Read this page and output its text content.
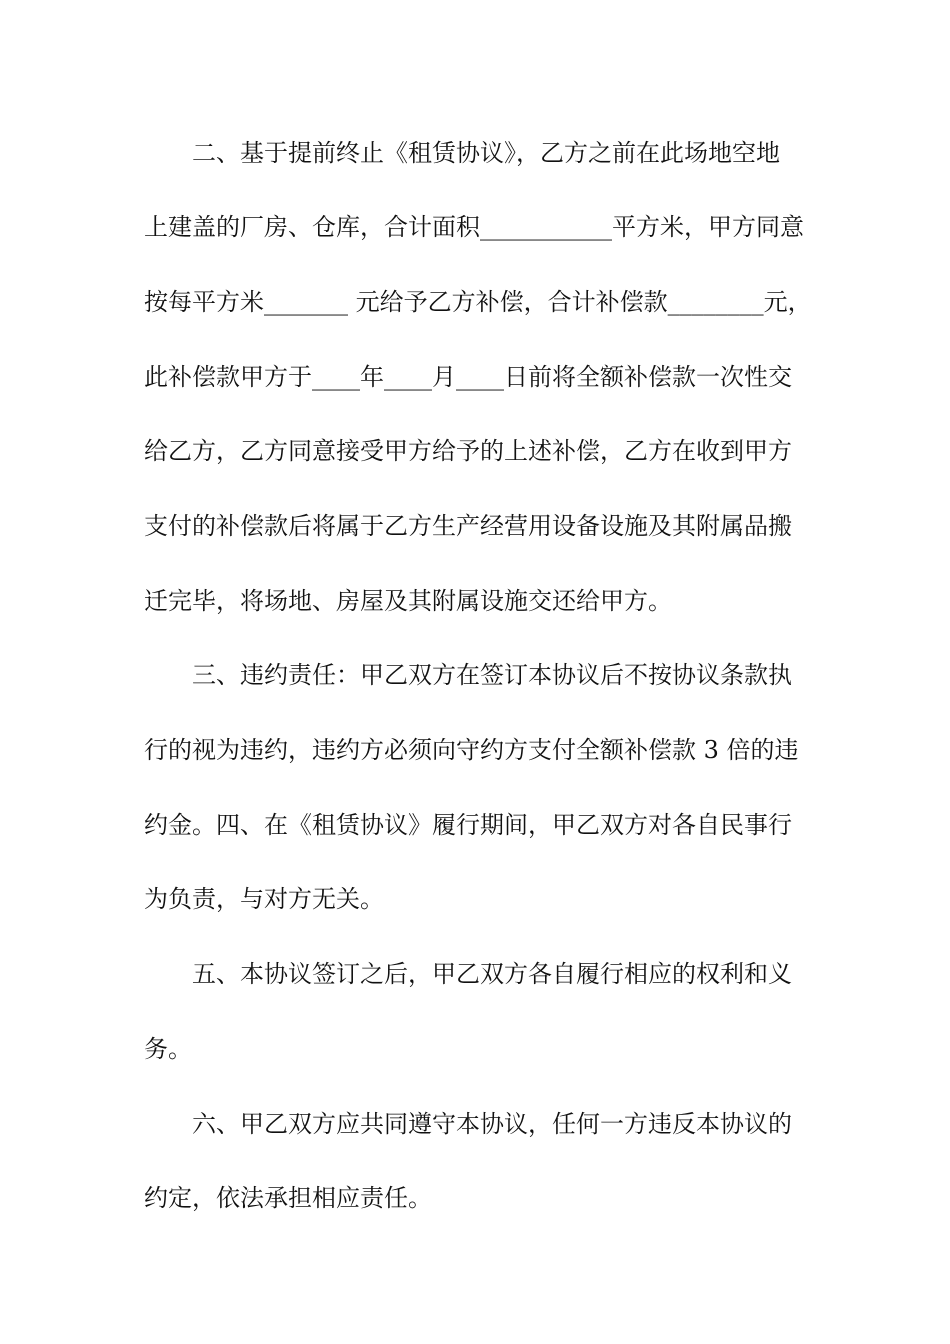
二、基于提前终止《租赁协议》，乙方之前在此场地空地
上建盖的厂房、仓库，合计面积___________平方米，甲方同意
按每平方米_______ 元给予乙方补偿，合计补偿款________元，
此补偿款甲方于____年____月____日前将全额补偿款一次性交
给乙方，乙方同意接受甲方给予的上述补偿，乙方在收到甲方
支付的补偿款后将属于乙方生产经营用设备设施及其附属品搬
迁完毕，将场地、房屋及其附属设施交还给甲方。
三、违约责任：甲乙双方在签订本协议后不按协议条款执
行的视为违约，违约方必须向守约方支付全额补偿款 3 倍的违
约金。四、在《租赁协议》履行期间，甲乙双方对各自民事行
为负责，与对方无关。
五、本协议签订之后，甲乙双方各自履行相应的权利和义
务。
六、甲乙双方应共同遵守本协议，任何一方违反本协议的
约定，依法承担相应责任。
